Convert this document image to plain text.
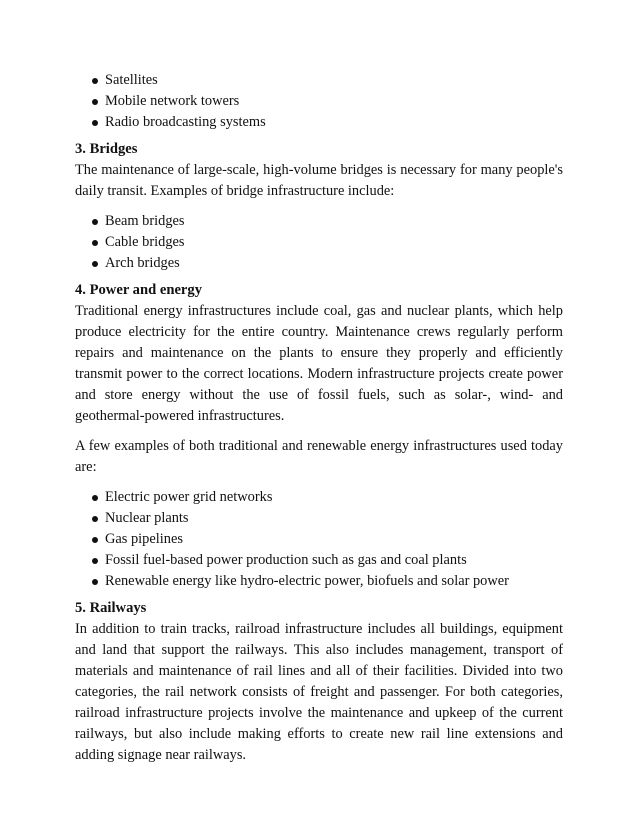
Satellites
Mobile network towers
Radio broadcasting systems
3. Bridges

The maintenance of large-scale, high-volume bridges is necessary for many people's daily transit. Examples of bridge infrastructure include:

Beam bridges
Cable bridges
Arch bridges
4. Power and energy

Traditional energy infrastructures include coal, gas and nuclear plants, which help produce electricity for the entire country. Maintenance crews regularly perform repairs and maintenance on the plants to ensure they properly and efficiently transmit power to the correct locations. Modern infrastructure projects create power and store energy without the use of fossil fuels, such as solar-, wind- and geothermal-powered infrastructures.

A few examples of both traditional and renewable energy infrastructures used today are:

Electric power grid networks
Nuclear plants
Gas pipelines
Fossil fuel-based power production such as gas and coal plants
Renewable energy like hydro-electric power, biofuels and solar power
5. Railways

In addition to train tracks, railroad infrastructure includes all buildings, equipment and land that support the railways. This also includes management, transport of materials and maintenance of rail lines and all of their facilities. Divided into two categories, the rail network consists of freight and passenger. For both categories, railroad infrastructure projects involve the maintenance and upkeep of the current railways, but also include making efforts to create new rail line extensions and adding signage near railways.
